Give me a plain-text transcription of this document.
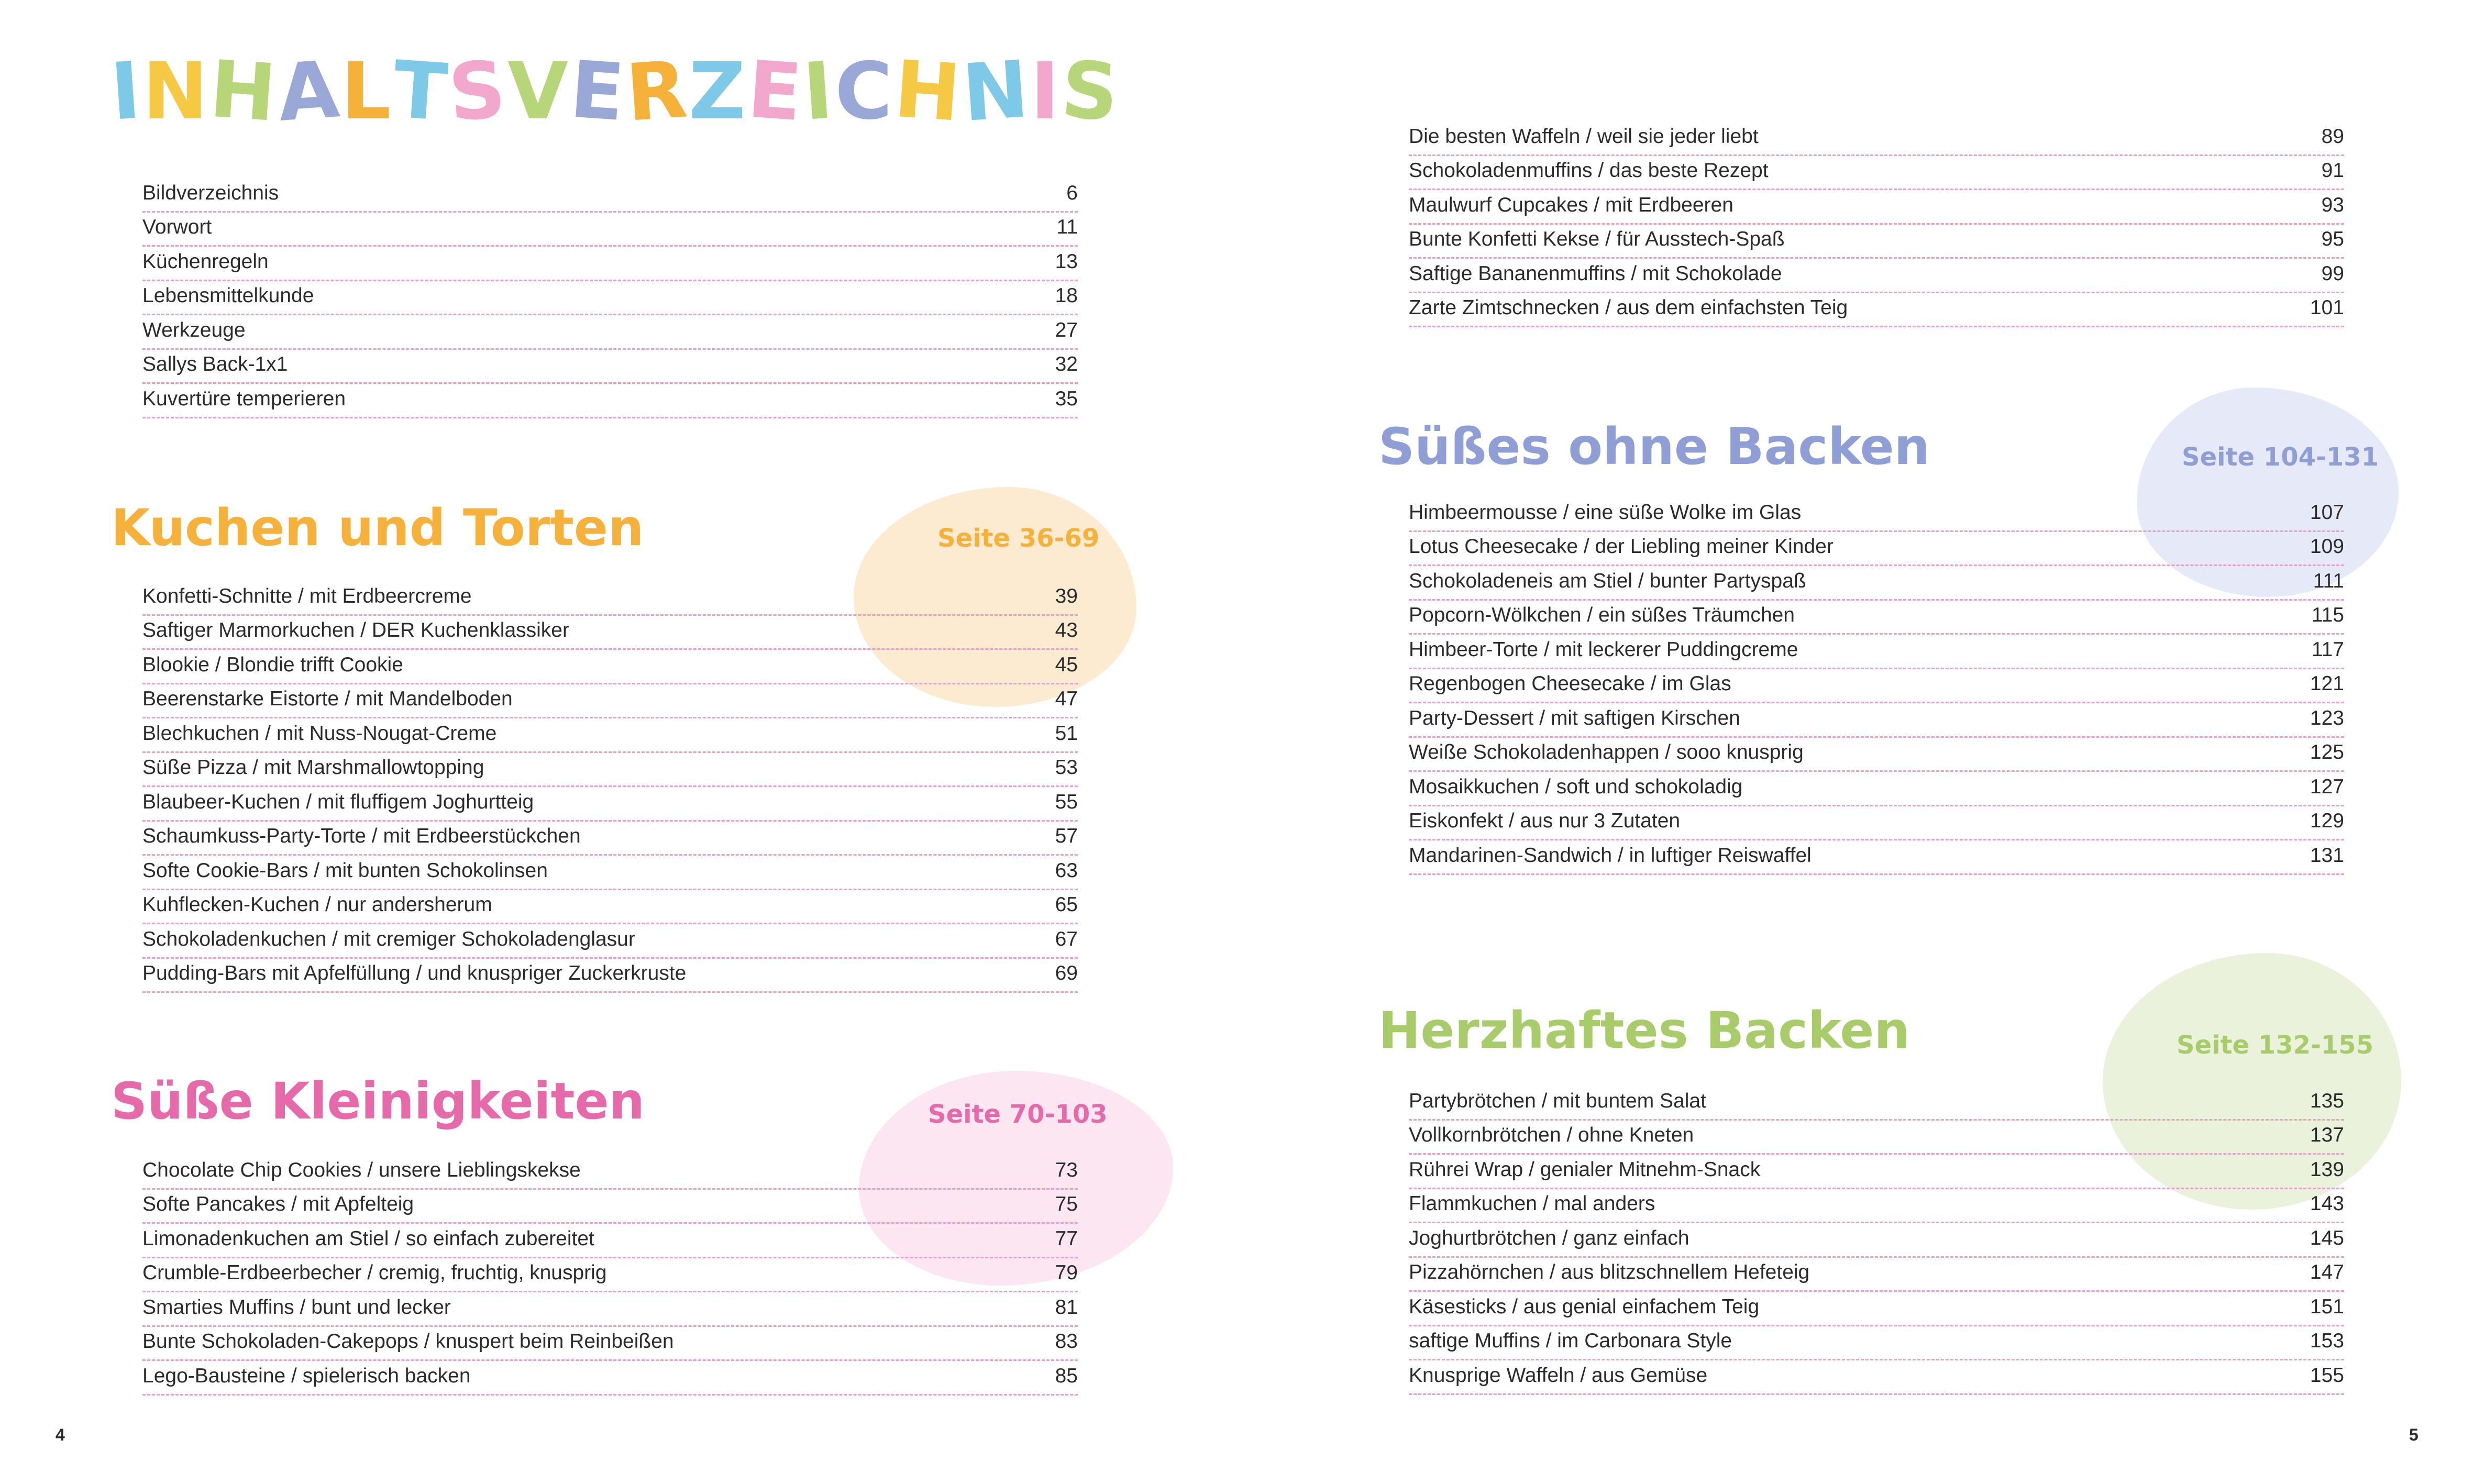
INHALTSVERZEICHNIS
Bildverzeichnis	6
Vorwort	11
Küchenregeln	13
Lebensmittelkunde	18
Werkzeuge	27
Sallys Back-1x1	32
Kuvertüre temperieren	35
Kuchen und Torten	Seite 36-69
Konfetti-Schnitte / mit Erdbeercreme	39
Saftiger Marmorkuchen / DER Kuchenklassiker	43
Blookie / Blondie trifft Cookie	45
Beerenstarke Eistorte / mit Mandelboden	47
Blechkuchen / mit Nuss-Nougat-Creme	51
Süße Pizza / mit Marshmallowtopping	53
Blaubeer-Kuchen / mit fluffigem Joghurtteig	55
Schaumkuss-Party-Torte / mit Erdbeerstückchen	57
Softe Cookie-Bars / mit bunten Schokolinsen	63
Kuhflecken-Kuchen / nur andersherum	65
Schokoladenkuchen / mit cremiger Schokoladenglasur	67
Pudding-Bars mit Apfelfüllung / und knuspriger Zuckerkruste	69
Süße Kleinigkeiten	Seite 70-103
Chocolate Chip Cookies / unsere Lieblingskekse	73
Softe Pancakes / mit Apfelteig	75
Limonadenkuchen am Stiel / so einfach zubereitet	77
Crumble-Erdbeerbecher / cremig, fruchtig, knusprig	79
Smarties Muffins / bunt und lecker	81
Bunte Schokoladen-Cakepops / knuspert beim Reinbeißen	83
Lego-Bausteine / spielerisch backen	85
Die besten Waffeln / weil sie jeder liebt	89
Schokoladenmuffins / das beste Rezept	91
Maulwurf Cupcakes / mit Erdbeeren	93
Bunte Konfetti Kekse / für Ausstech-Spaß	95
Saftige Bananenmuffins / mit Schokolade	99
Zarte Zimtschnecken / aus dem einfachsten Teig	101
Süßes ohne Backen	Seite 104-131
Himbeermousse / eine süße Wolke im Glas	107
Lotus Cheesecake / der Liebling meiner Kinder	109
Schokoladeneis am Stiel / bunter Partyspaß	111
Popcorn-Wölkchen / ein süßes Träumchen	115
Himbeer-Torte / mit leckerer Puddingcreme	117
Regenbogen Cheesecake / im Glas	121
Party-Dessert / mit saftigen Kirschen	123
Weiße Schokoladenhappen / sooo knusprig	125
Mosaikkuchen / soft und schokoladig	127
Eiskonfekt / aus nur 3 Zutaten	129
Mandarinen-Sandwich / in luftiger Reiswaffel	131
Herzhaftes Backen	Seite 132-155
Partybrötchen / mit buntem Salat	135
Vollkornbrötchen / ohne Kneten	137
Rührei Wrap / genialer Mitnehm-Snack	139
Flammkuchen / mal anders	143
Joghurtbrötchen / ganz einfach	145
Pizzahörnchen / aus blitzschnellem Hefeteig	147
Käsesticks / aus genial einfachem Teig	151
saftige Muffins / im Carbonara Style	153
Knusprige Waffeln / aus Gemüse	155
4	5
